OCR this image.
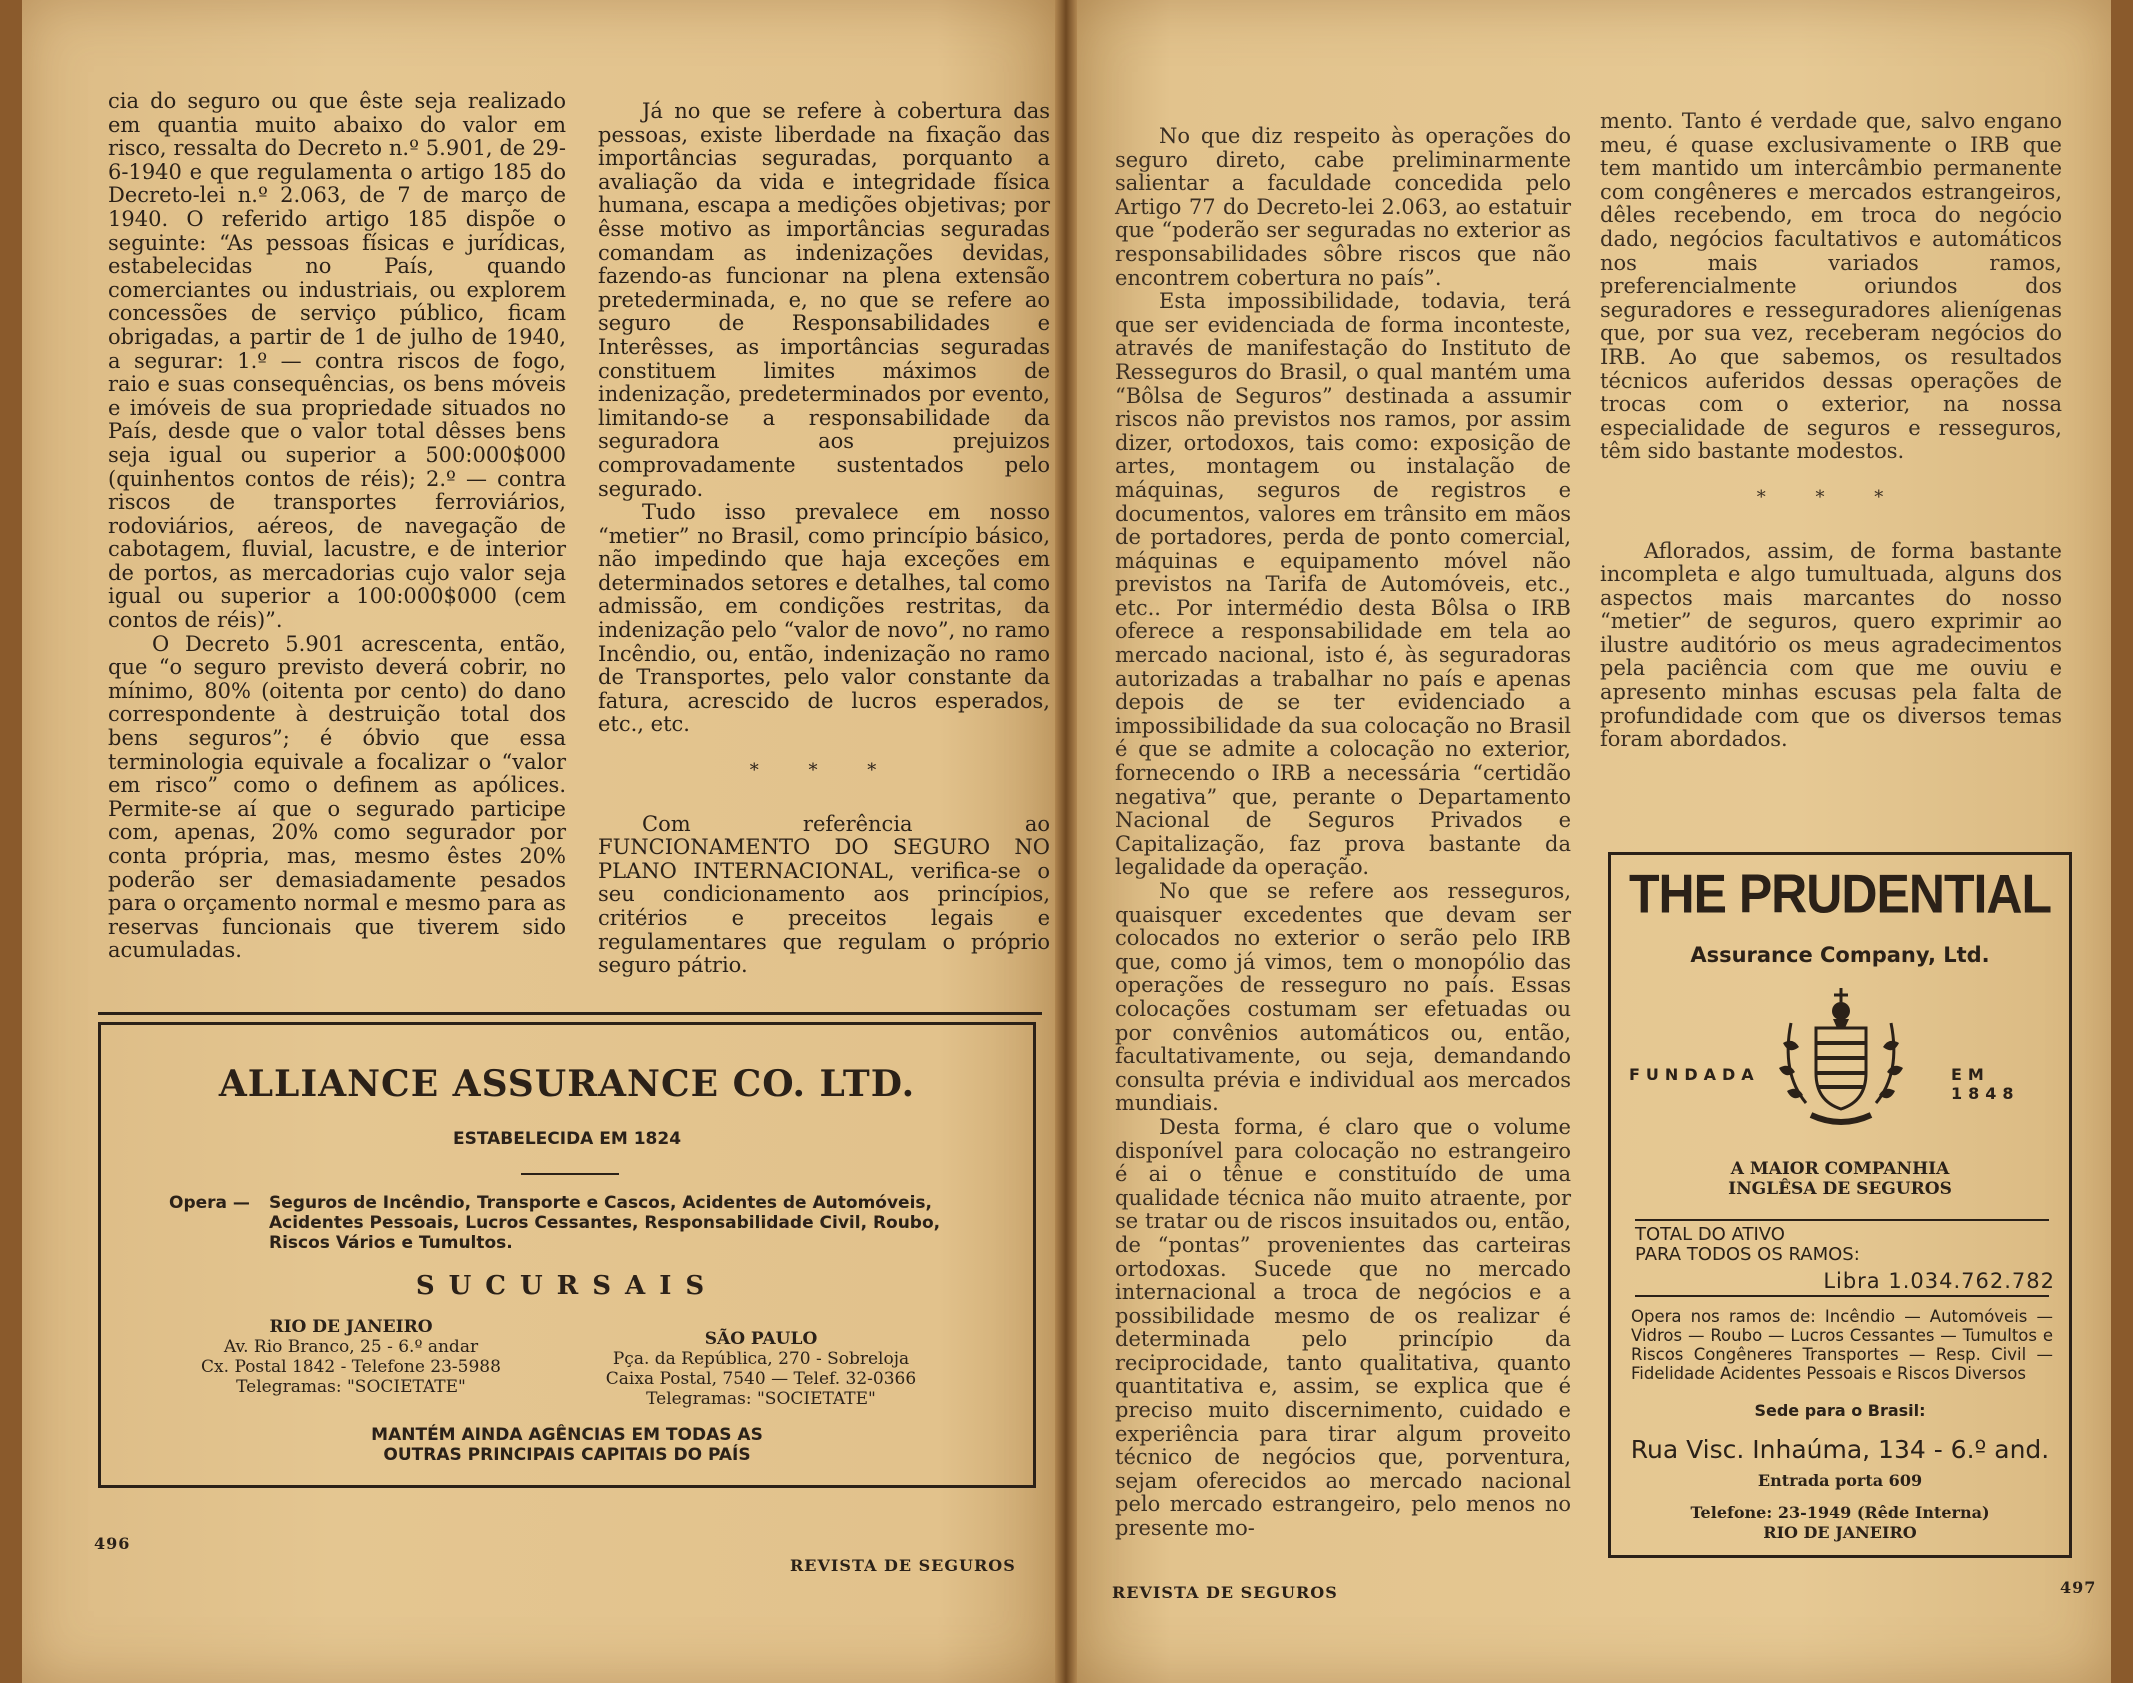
cia do seguro ou que êste seja realizado em quantia muito abaixo do valor em risco, ressalta do Decreto n.º 5.901, de 29-6-1940 e que regulamenta o artigo 185 do Decreto-lei n.º 2.063, de 7 de março de 1940. O referido artigo 185 dispõe o seguinte: “As pessoas físicas e jurídicas, estabelecidas no País, quando comerciantes ou industriais, ou explorem concessões de serviço público, ficam obrigadas, a partir de 1 de julho de 1940, a segurar: 1.º — contra riscos de fogo, raio e suas consequências, os bens móveis e imóveis de sua propriedade situados no País, desde que o valor total dêsses bens seja igual ou superior a 500:000$000 (quinhentos contos de réis); 2.º — contra riscos de transportes ferroviários, rodoviários, aéreos, de navegação de cabotagem, fluvial, lacustre, e de interior de portos, as mercadorias cujo valor seja igual ou superior a 100:000$000 (cem contos de réis)”.

O Decreto 5.901 acrescenta, então, que “o seguro previsto deverá cobrir, no mínimo, 80% (oitenta por cento) do dano correspondente à destruição total dos bens seguros”; é óbvio que essa terminologia equivale a focalizar o “valor em risco” como o definem as apólices. Permite-se aí que o segurado participe com, apenas, 20% como segurador por conta própria, mas, mesmo êstes 20% poderão ser demasiadamente pesados para o orçamento normal e mesmo para as reservas funcionais que tiverem sido acumuladas.

Já no que se refere à cobertura das pessoas, existe liberdade na fixação das importâncias seguradas, porquanto a avaliação da vida e integridade física humana, escapa a medições objetivas; por êsse motivo as importâncias seguradas comandam as indenizações devidas, fazendo-as funcionar na plena extensão pretederminada, e, no que se refere ao seguro de Responsabilidades e Interêsses, as importâncias seguradas constituem limites máximos de indenização, predeterminados por evento, limitando-se a responsabilidade da seguradora aos prejuizos comprovadamente sustentados pelo segurado.

Tudo isso prevalece em nosso “metier” no Brasil, como princípio básico, não impedindo que haja exceções em determinados setores e detalhes, tal como admissão, em condições restritas, da indenização pelo “valor de novo”, no ramo Incêndio, ou, então, indenização no ramo de Transportes, pelo valor constante da fatura, acrescido de lucros esperados, etc., etc.

* * *

Com referência ao FUNCIONAMENTO DO SEGURO NO PLANO INTERNACIONAL, verifica-se o seu condicionamento aos princípios, critérios e preceitos legais e regulamentares que regulam o próprio seguro pátrio.

ALLIANCE ASSURANCE CO. LTD.
ESTABELECIDA EM 1824
Opera — Seguros de Incêndio, Transporte e Cascos, Acidentes de Automóveis, Acidentes Pessoais, Lucros Cessantes, Responsabilidade Civil, Roubo, Riscos Vários e Tumultos.
SUCURSAIS
RIO DE JANEIRO
Av. Rio Branco, 25 - 6.º andar
Cx. Postal 1842 - Telefone 23-5988
Telegramas: "SOCIETATE"
SÃO PAULO
Pça. da República, 270 - Sobreloja
Caixa Postal, 7540 — Telef. 32-0366
Telegramas: "SOCIETATE"
MANTÉM AINDA AGÊNCIAS EM TODAS AS
OUTRAS PRINCIPAIS CAPITAIS DO PAÍS
496
REVISTA DE SEGUROS

No que diz respeito às operações do seguro direto, cabe preliminarmente salientar a faculdade concedida pelo Artigo 77 do Decreto-lei 2.063, ao estatuir que “poderão ser seguradas no exterior as responsabilidades sôbre riscos que não encontrem cobertura no país”.

Esta impossibilidade, todavia, terá que ser evidenciada de forma inconteste, através de manifestação do Instituto de Resseguros do Brasil, o qual mantém uma “Bôlsa de Seguros” destinada a assumir riscos não previstos nos ramos, por assim dizer, ortodoxos, tais como: exposição de artes, montagem ou instalação de máquinas, seguros de registros e documentos, valores em trânsito em mãos de portadores, perda de ponto comercial, máquinas e equipamento móvel não previstos na Tarifa de Automóveis, etc., etc.. Por intermédio desta Bôlsa o IRB oferece a responsabilidade em tela ao mercado nacional, isto é, às seguradoras autorizadas a trabalhar no país e apenas depois de se ter evidenciado a impossibilidade da sua colocação no Brasil é que se admite a colocação no exterior, fornecendo o IRB a necessária “certidão negativa” que, perante o Departamento Nacional de Seguros Privados e Capitalização, faz prova bastante da legalidade da operação.

No que se refere aos resseguros, quaisquer excedentes que devam ser colocados no exterior o serão pelo IRB que, como já vimos, tem o monopólio das operações de resseguro no país. Essas colocações costumam ser efetuadas ou por convênios automáticos ou, então, facultativamente, ou seja, demandando consulta prévia e individual aos mercados mundiais.

Desta forma, é claro que o volume disponível para colocação no estrangeiro é ai o tênue e constituído de uma qualidade técnica não muito atraente, por se tratar ou de riscos insuitados ou, então, de “pontas” provenientes das carteiras ortodoxas. Sucede que no mercado internacional a troca de negócios e a possibilidade mesmo de os realizar é determinada pelo princípio da reciprocidade, tanto qualitativa, quanto quantitativa e, assim, se explica que é preciso muito discernimento, cuidado e experiência para tirar algum proveito técnico de negócios que, porventura, sejam oferecidos ao mercado nacional pelo mercado estrangeiro, pelo menos no presente mo-

mento. Tanto é verdade que, salvo engano meu, é quase exclusivamente o IRB que tem mantido um intercâmbio permanente com congêneres e mercados estrangeiros, dêles recebendo, em troca do negócio dado, negócios facultativos e automáticos nos mais variados ramos, preferencialmente oriundos dos seguradores e resseguradores alienígenas que, por sua vez, receberam negócios do IRB. Ao que sabemos, os resultados técnicos auferidos dessas operações de trocas com o exterior, na nossa especialidade de seguros e resseguros, têm sido bastante modestos.

* * *

Aflorados, assim, de forma bastante incompleta e algo tumultuada, alguns dos aspectos mais marcantes do nosso “metier” de seguros, quero exprimir ao ilustre auditório os meus agradecimentos pela paciência com que me ouviu e apresento minhas escusas pela falta de profundidade com que os diversos temas foram abordados.

THE PRUDENTIAL
Assurance Company, Ltd.
FUNDADA	EM 1848
A MAIOR COMPANHIA
INGLÊSA DE SEGUROS
TOTAL DO ATIVO
PARA TODOS OS RAMOS:
Libra 1.034.762.782
Opera nos ramos de: Incêndio — Automóveis — Vidros — Roubo — Lucros Cessantes — Tumultos e Riscos Congêneres Transportes — Resp. Civil — Fidelidade Acidentes Pessoais e Riscos Diversos
Sede para o Brasil:
Rua Visc. Inhaúma, 134 - 6.º and.
Entrada porta 609
Telefone: 23-1949 (Rêde Interna)
RIO DE JANEIRO
REVISTA DE SEGUROS	497
